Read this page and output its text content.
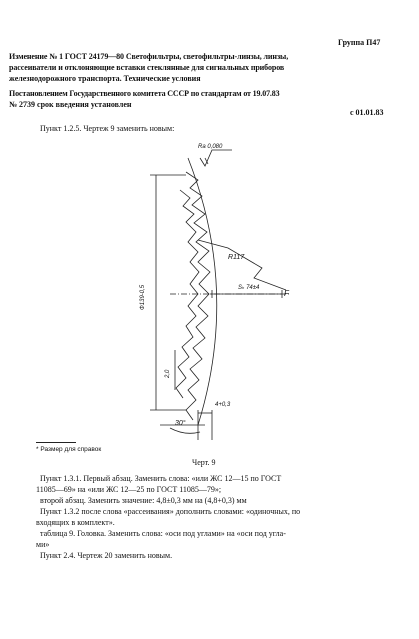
Группа П47
Изменение № 1 ГОСТ 24179—80 Светофильтры, светофильтры-линзы, линзы,
рассеиватели и отклоняющие вставки стеклянные для сигнальных приборов
железнодорожного транспорта. Технические условия
Постановлением Государственного комитета СССР по стандартам от 19.07.83
№ 2739 срок введения установлен
с 01.01.83
Пункт 1.2.5. Чертеж 9 заменить новым:
Ra 0,080
R117
Sₕ 74±4
F
Ф139-0,5
2,0
4+0,3
30°
* Размер для справок
Черт. 9
Пункт 1.3.1. Первый абзац. Заменить слова: «или ЖС 12—15 по ГОСТ
11085—69» на «или ЖС 12—25 по ГОСТ 11085—79»;
второй абзац. Заменить значение: 4,8±0,3 мм на (4,8+0,3) мм
Пункт 1.3.2 после слова «рассеивания» дополнить словами: «одиночных, по
входящих в комплект».
таблица 9. Головка. Заменить слова: «оси под углами» на «оси под угла-
ми»
Пункт 2.4. Чертеж 20 заменить новым.
